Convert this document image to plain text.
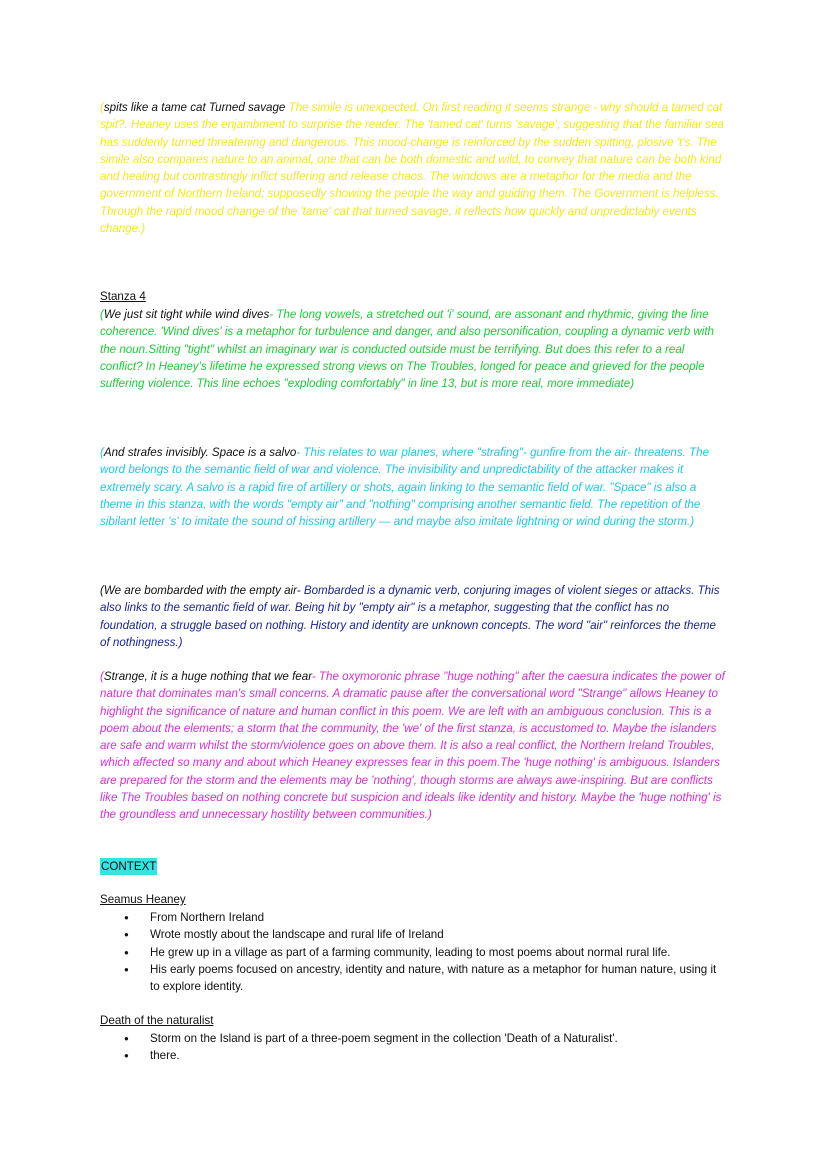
(spits like a tame cat Turned savage The simile is unexpected. On first reading it seems strange - why should a tamed cat spit?. Heaney uses the enjambment to surprise the reader. The 'tamed cat' turns 'savage', suggesting that the familiar sea has suddenly turned threatening and dangerous. This mood-change is reinforced by the sudden spitting, plosive 't's. The simile also compares nature to an animal, one that can be both domestic and wild, to convey that nature can be both kind and healing but contrastingly inflict suffering and release chaos. The windows are a metaphor for the media and the government of Northern Ireland; supposedly showing the people the way and guiding them. The Government is helpless. Through the rapid mood change of the 'tame' cat that turned savage, it reflects how quickly and unpredictably events change.)

Stanza 4

(We just sit tight while wind dives- The long vowels, a stretched out 'i' sound, are assonant and rhythmic, giving the line coherence. 'Wind dives' is a metaphor for turbulence and danger, and also personification, coupling a dynamic verb with the noun.Sitting "tight" whilst an imaginary war is conducted outside must be terrifying. But does this refer to a real conflict? In Heaney's lifetime he expressed strong views on The Troubles, longed for peace and grieved for the people suffering violence. This line echoes "exploding comfortably" in line 13, but is more real, more immediate)

(And strafes invisibly. Space is a salvo- This relates to war planes, where "strafing"- gunfire from the air- threatens. The word belongs to the semantic field of war and violence. The invisibility and unpredictability of the attacker makes it extremely scary. A salvo is a rapid fire of artillery or shots, again linking to the semantic field of war. "Space" is also a theme in this stanza, with the words "empty air" and "nothing" comprising another semantic field. The repetition of the sibilant letter 's' to imitate the sound of hissing artillery — and maybe also imitate lightning or wind during the storm.)

(We are bombarded with the empty air- Bombarded is a dynamic verb, conjuring images of violent sieges or attacks. This also links to the semantic field of war. Being hit by "empty air" is a metaphor, suggesting that the conflict has no foundation, a struggle based on nothing. History and identity are unknown concepts. The word "air" reinforces the theme of nothingness.)

(Strange, it is a huge nothing that we fear- The oxymoronic phrase "huge nothing" after the caesura indicates the power of nature that dominates man's small concerns. A dramatic pause after the conversational word "Strange" allows Heaney to highlight the significance of nature and human conflict in this poem. We are left with an ambiguous conclusion. This is a poem about the elements; a storm that the community, the 'we' of the first stanza, is accustomed to. Maybe the islanders are safe and warm whilst the storm/violence goes on above them. It is also a real conflict, the Northern Ireland Troubles, which affected so many and about which Heaney expresses fear in this poem.The 'huge nothing' is ambiguous. Islanders are prepared for the storm and the elements may be 'nothing', though storms are always awe-inspiring. But are conflicts like The Troubles based on nothing concrete but suspicion and ideals like identity and history. Maybe the 'huge nothing' is the groundless and unnecessary hostility between communities.)

CONTEXT

Seamus Heaney

● From Northern Ireland
● Wrote mostly about the landscape and rural life of Ireland
● He grew up in a village as part of a farming community, leading to most poems about normal rural life.
● His early poems focused on ancestry, identity and nature, with nature as a metaphor for human nature, using it to explore identity.

Death of the naturalist

● Storm on the Island is part of a three-poem segment in the collection 'Death of a Naturalist'.
● there.
